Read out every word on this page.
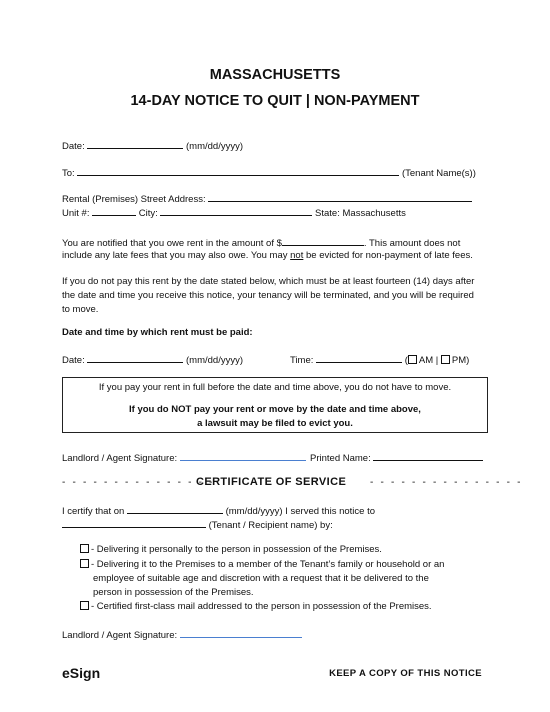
MASSACHUSETTS
14-DAY NOTICE TO QUIT | NON-PAYMENT
Date:	(mm/dd/yyyy)
To:	(Tenant Name(s))
Rental (Premises) Street Address:
Unit #:	City:	State: Massachusetts
You are notified that you owe rent in the amount of $	. This amount does not
include any late fees that you may also owe. You may not be evicted for non-payment of late fees.
If you do not pay this rent by the date stated below, which must be at least fourteen (14) days after
the date and time you receive this notice, your tenancy will be terminated, and you will be required
to move.
Date and time by which rent must be paid:
Date:	(mm/dd/yyyy)	Time:	( AM | PM)
If you pay your rent in full before the date and time above, you do not have to move.
If you do NOT pay your rent or move by the date and time above,
a lawsuit may be filed to evict you.
Landlord / Agent Signature:	Printed Name:
- - - - - - - - - - - - - - -
CERTIFICATE OF SERVICE - - - - - - - - - - - - - - -
I certify that on	(mm/dd/yyyy) I served this notice to
(Tenant / Recipient name) by:
- Delivering it personally to the person in possession of the Premises.
- Delivering it to the Premises to a member of the Tenant’s family or household or an
employee of suitable age and discretion with a request that it be delivered to the
person in possession of the Premises.
- Certified first-class mail addressed to the person in possession of the Premises.
Landlord / Agent Signature:
eSign	KEEP A COPY OF THIS NOTICE
